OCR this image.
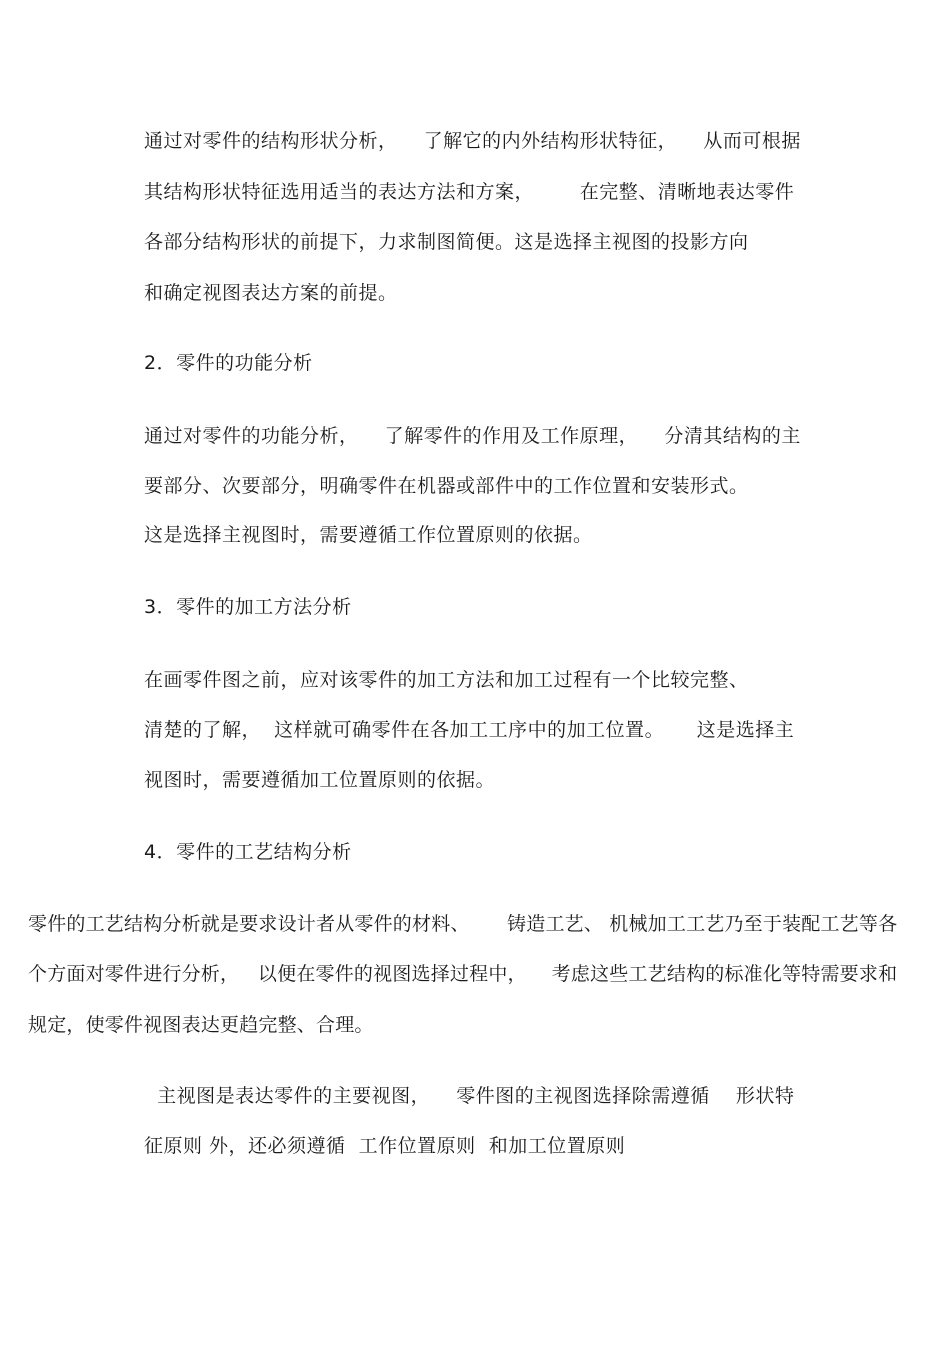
通过对零件的结构形状分析，    了解它的内外结构形状特征，    从而可根据
其结构形状特征选用适当的表达方法和方案，       在完整、清晰地表达零件
各部分结构形状的前提下，力求制图简便。这是选择主视图的投影方向
和确定视图表达方案的前提。
2．零件的功能分析
通过对零件的功能分析，    了解零件的作用及工作原理，    分清其结构的主
要部分、次要部分，明确零件在机器或部件中的工作位置和安装形式。
这是选择主视图时，需要遵循工作位置原则的依据。
3．零件的加工方法分析
在画零件图之前，应对该零件的加工方法和加工过程有一个比较完整、
清楚的了解，  这样就可确零件在各加工工序中的加工位置。     这是选择主
视图时，需要遵循加工位置原则的依据。
4．零件的工艺结构分析
零件的工艺结构分析就是要求设计者从零件的材料、      铸造工艺、 机械加工工艺乃至于装配工艺等各
个方面对零件进行分析，   以便在零件的视图选择过程中，    考虑这些工艺结构的标准化等特需要求和
规定，使零件视图表达更趋完整、合理。
主视图是表达零件的主要视图，    零件图的主视图选择除需遵循    形状特
征原则 外，还必须遵循  工作位置原则  和加工位置原则
